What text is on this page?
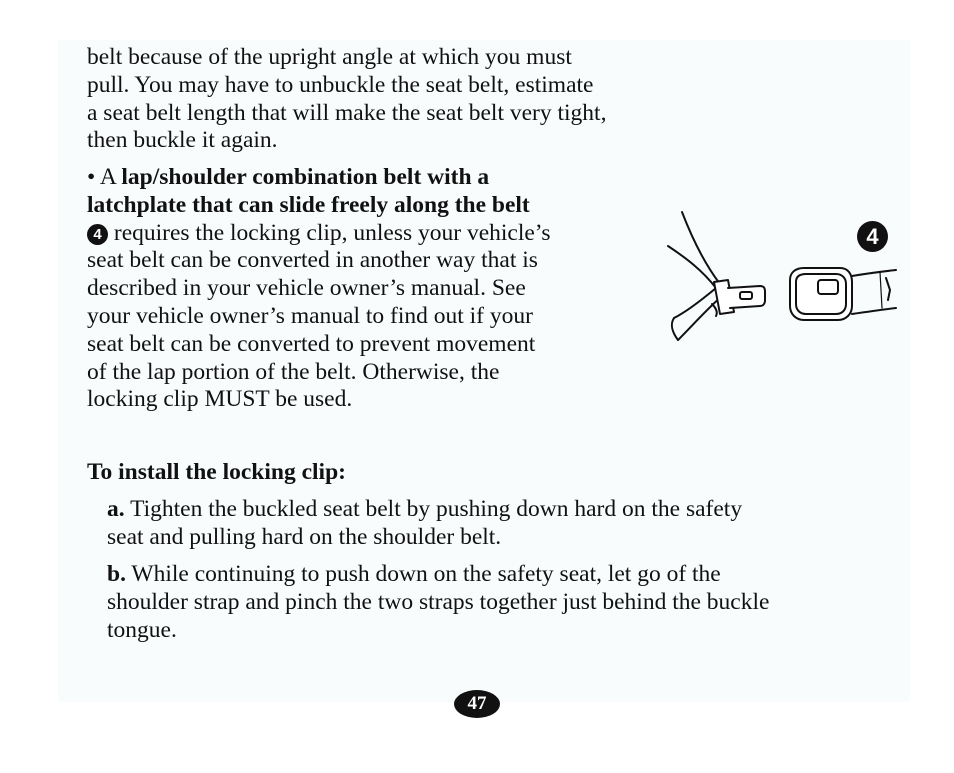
belt because of the upright angle at which you must
pull. You may have to unbuckle the seat belt, estimate
a seat belt length that will make the seat belt very tight,
then buckle it again.
• A lap/shoulder combination belt with a
latchplate that can slide freely along the belt
4 requires the locking clip, unless your vehicle’s
seat belt can be converted in another way that is
described in your vehicle owner’s manual. See
your vehicle owner’s manual to find out if your
seat belt can be converted to prevent movement
of the lap portion of the belt. Otherwise, the
locking clip MUST be used.
4
To install the locking clip:
a. Tighten the buckled seat belt by pushing down hard on the safety
seat and pulling hard on the shoulder belt.
b. While continuing to push down on the safety seat, let go of the
shoulder strap and pinch the two straps together just behind the buckle
tongue.
47
